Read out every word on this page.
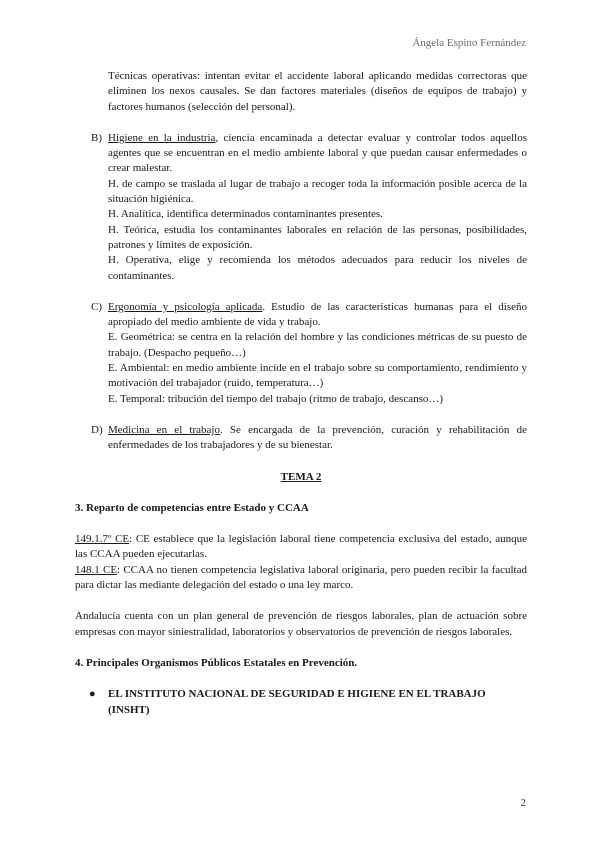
Ángela Espino Fernández

Técnicas operativas: intentan evitar el accidente laboral aplicando medidas correctoras que eliminen los nexos causales. Se dan factores materiales (diseños de equipos de trabajo) y factores humanos (selección del personal).

B) Higiene en la industria, ciencia encaminada a detectar evaluar y controlar todos aquellos agentes que se encuentran en el medio ambiente laboral y que puedan causar enfermedades o crear malestar.

H. de campo se traslada al lugar de trabajo a recoger toda la información posible acerca de la situación higiénica.

H. Analítica, identifica determinados contaminantes presentes.

H. Teórica, estudia los contaminantes laborales en relación de las personas, posibilidades, patrones y límites de exposición.

H. Operativa, elige y recomienda los métodos adecuados para reducir los niveles de contaminantes.

C) Ergonomía y psicología aplicada. Estudio de las características humanas para el diseño apropiado del medio ambiente de vida y trabajo.

E. Geométrica: se centra en la relación del hombre y las condiciones métricas de su puesto de trabajo. (Despacho pequeño…)

E. Ambiental: en medio ambiente incide en el trabajo sobre su comportamiento, rendimiento y motivación del trabajador (ruido, temperatura…)

E. Temporal: tribución del tiempo del trabajo (ritmo de trabajo, descanso…)

D) Medicina en el trabajo. Se encargada de la prevención, curación y rehabilitación de enfermedades de los trabajadores y de su bienestar.

TEMA 2

3. Reparto de competencias entre Estado y CCAA

149.1.7º CE: CE establece que la legislación laboral tiene competencia exclusiva del estado, aunque las CCAA pueden ejecutarlas.

148.1 CE: CCAA no tienen competencia legislativa laboral originaria, pero pueden recibir la facultad para dictar las mediante delegación del estado o una ley marco.

Andalucía cuenta con un plan general de prevención de riesgos laborales, plan de actuación sobre empresas con mayor siniestralidad, laboratorios y observatorios de prevención de riesgos laborales.

4. Principales Organismos Públicos Estatales en Prevención.

● EL INSTITUTO NACIONAL DE SEGURIDAD E HIGIENE EN EL TRABAJO (INSHT)

2
